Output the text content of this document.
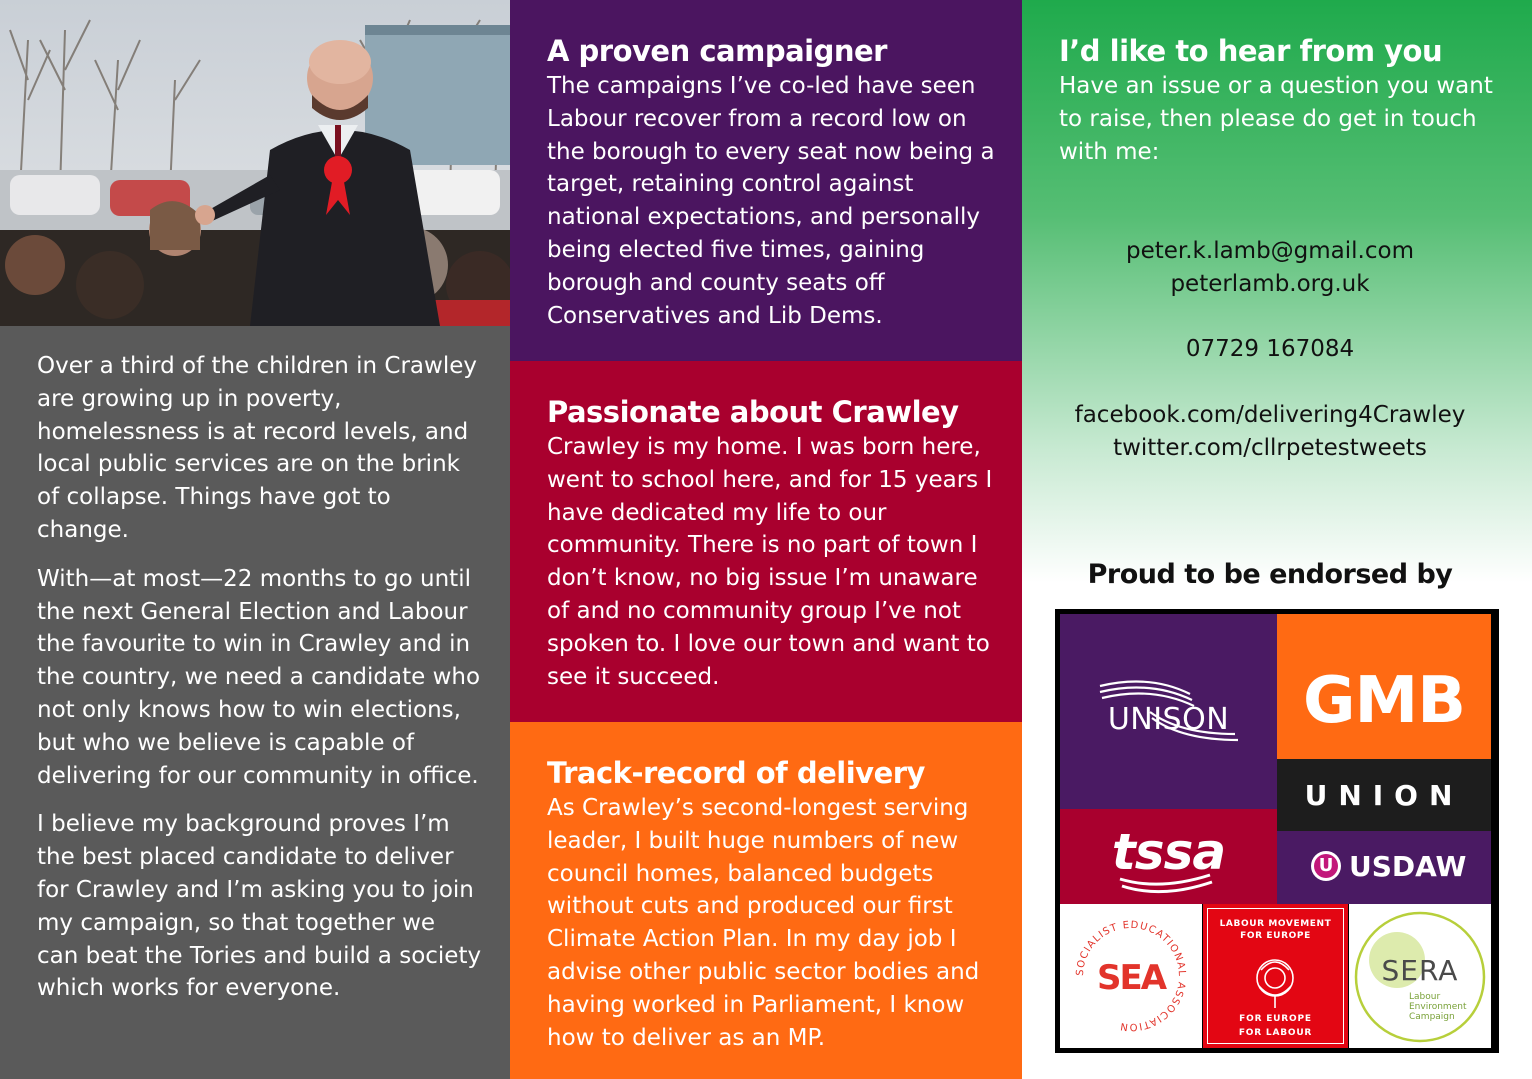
Over a third of the children in Crawley are growing up in poverty, homelessness is at record levels, and local public services are on the brink of collapse. Things have got to change.

With—at most—22 months to go until the next General Election and Labour the favourite to win in Crawley and in the country, we need a candidate who not only knows how to win elections, but who we believe is capable of delivering for our community in office.

I believe my background proves I’m the best placed candidate to deliver for Crawley and I’m asking you to join my campaign, so that together we can beat the Tories and build a society which works for everyone.

A proven campaigner

The campaigns I’ve co-led have seen Labour recover from a record low on the borough to every seat now being a target, retaining control against national expectations, and personally being elected five times, gaining borough and county seats off Conservatives and Lib Dems.

Passionate about Crawley

Crawley is my home. I was born here, went to school here, and for 15 years I have dedicated my life to our community. There is no part of town I don’t know, no big issue I’m unaware of and no community group I’ve not spoken to. I love our town and want to see it succeed.

Track-record of delivery

As Crawley’s second-longest serving leader, I built huge numbers of new council homes, balanced budgets without cuts and produced our first Climate Action Plan. In my day job I advise other public sector bodies and having worked in Parliament, I know how to deliver as an MP.

I’d like to hear from you

Have an issue or a question you want to raise, then please do get in touch with me:

peter.k.lamb@gmail.com
peterlamb.org.uk
07729 167084
facebook.com/delivering4Crawley
twitter.com/cllrpetestweets
Proud to be endorsed by
UNISON	GMB
UNION
tssa	U USDAW
SOCIALIST EDUCATIONAL ASSOCIATION
SEA
LABOUR MOVEMENT FOR EUROPE
FOR EUROPE
FOR LABOUR
SERA
Labour Environment Campaign
